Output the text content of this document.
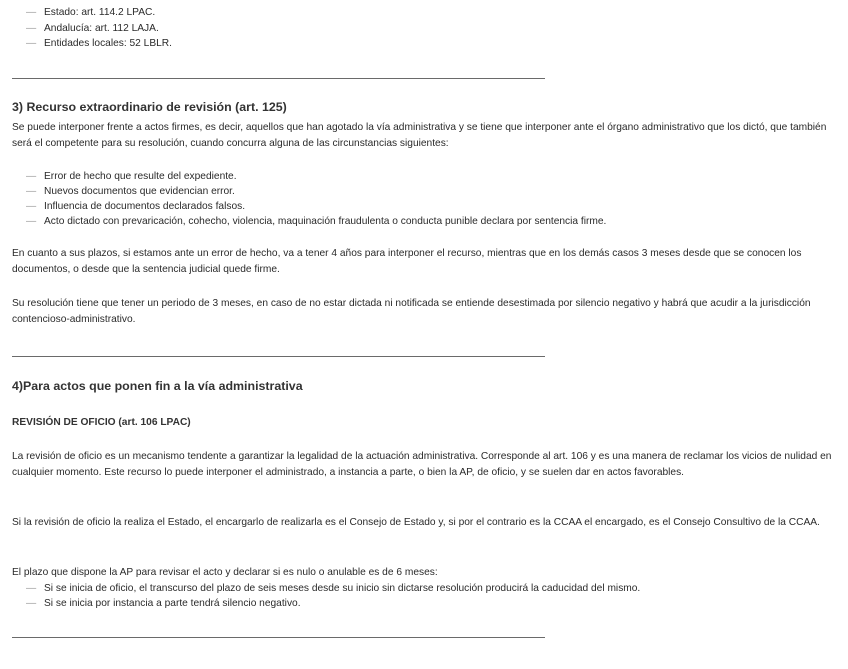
— Estado: art. 114.2 LPAC.
— Andalucía: art. 112 LAJA.
— Entidades locales: 52 LBLR.
3) Recurso extraordinario de revisión (art. 125)
Se puede interponer frente a actos firmes, es decir, aquellos que han agotado la vía administrativa y se tiene que interponer ante el órgano administrativo que los dictó, que también será el competente para su resolución, cuando concurra alguna de las circunstancias siguientes:
— Error de hecho que resulte del expediente.
— Nuevos documentos que evidencian error.
— Influencia de documentos declarados falsos.
— Acto dictado con prevaricación, cohecho, violencia, maquinación fraudulenta o conducta punible declara por sentencia firme.
En cuanto a sus plazos, si estamos ante un error de hecho, va a tener 4 años para interponer el recurso, mientras que en los demás casos 3 meses desde que se conocen los documentos, o desde que la sentencia judicial quede firme.
Su resolución tiene que tener un periodo de 3 meses, en caso de no estar dictada ni notificada se entiende desestimada por silencio negativo y habrá que acudir a la jurisdicción contencioso-administrativo.
4)Para actos que ponen fin a la vía administrativa
REVISIÓN DE OFICIO (art. 106 LPAC)
La revisión de oficio es un mecanismo tendente a garantizar la legalidad de la actuación administrativa. Corresponde al art. 106 y es una manera de reclamar los vicios de nulidad en cualquier momento. Este recurso lo puede interponer el administrado, a instancia a parte, o bien la AP, de oficio, y se suelen dar en actos favorables.
Si la revisión de oficio la realiza el Estado, el encargarlo de realizarla es el Consejo de Estado y, si por el contrario es la CCAA el encargado, es el Consejo Consultivo de la CCAA.
El plazo que dispone la AP para revisar el acto y declarar si es nulo o anulable es de 6 meses:
— Si se inicia de oficio, el transcurso del plazo de seis meses desde su inicio sin dictarse resolución producirá la caducidad del mismo.
— Si se inicia por instancia a parte tendrá silencio negativo.
